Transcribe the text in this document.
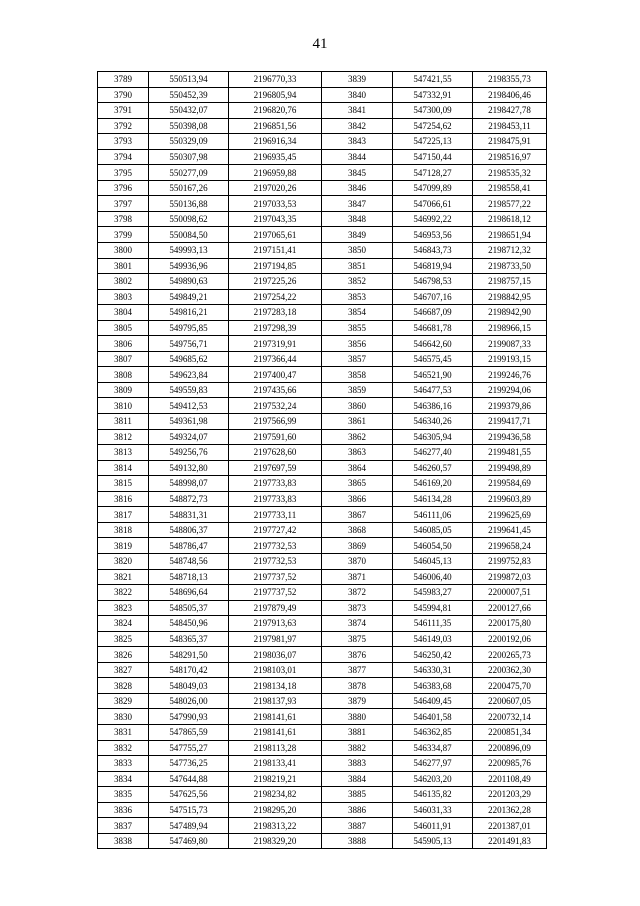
41
3789	550513,94	2196770,33	3839	547421,55	2198355,73
3790	550452,39	2196805,94	3840	547332,91	2198406,46
3791	550432,07	2196820,76	3841	547300,09	2198427,78
3792	550398,08	2196851,56	3842	547254,62	2198453,11
3793	550329,09	2196916,34	3843	547225,13	2198475,91
3794	550307,98	2196935,45	3844	547150,44	2198516,97
3795	550277,09	2196959,88	3845	547128,27	2198535,32
3796	550167,26	2197020,26	3846	547099,89	2198558,41
3797	550136,88	2197033,53	3847	547066,61	2198577,22
3798	550098,62	2197043,35	3848	546992,22	2198618,12
3799	550084,50	2197065,61	3849	546953,56	2198651,94
3800	549993,13	2197151,41	3850	546843,73	2198712,32
3801	549936,96	2197194,85	3851	546819,94	2198733,50
3802	549890,63	2197225,26	3852	546798,53	2198757,15
3803	549849,21	2197254,22	3853	546707,16	2198842,95
3804	549816,21	2197283,18	3854	546687,09	2198942,90
3805	549795,85	2197298,39	3855	546681,78	2198966,15
3806	549756,71	2197319,91	3856	546642,60	2199087,33
3807	549685,62	2197366,44	3857	546575,45	2199193,15
3808	549623,84	2197400,47	3858	546521,90	2199246,76
3809	549559,83	2197435,66	3859	546477,53	2199294,06
3810	549412,53	2197532,24	3860	546386,16	2199379,86
3811	549361,98	2197566,99	3861	546340,26	2199417,71
3812	549324,07	2197591,60	3862	546305,94	2199436,58
3813	549256,76	2197628,60	3863	546277,40	2199481,55
3814	549132,80	2197697,59	3864	546260,57	2199498,89
3815	548998,07	2197733,83	3865	546169,20	2199584,69
3816	548872,73	2197733,83	3866	546134,28	2199603,89
3817	548831,31	2197733,11	3867	546111,06	2199625,69
3818	548806,37	2197727,42	3868	546085,05	2199641,45
3819	548786,47	2197732,53	3869	546054,50	2199658,24
3820	548748,56	2197732,53	3870	546045,13	2199752,83
3821	548718,13	2197737,52	3871	546006,40	2199872,03
3822	548696,64	2197737,52	3872	545983,27	2200007,51
3823	548505,37	2197879,49	3873	545994,81	2200127,66
3824	548450,96	2197913,63	3874	546111,35	2200175,80
3825	548365,37	2197981,97	3875	546149,03	2200192,06
3826	548291,50	2198036,07	3876	546250,42	2200265,73
3827	548170,42	2198103,01	3877	546330,31	2200362,30
3828	548049,03	2198134,18	3878	546383,68	2200475,70
3829	548026,00	2198137,93	3879	546409,45	2200607,05
3830	547990,93	2198141,61	3880	546401,58	2200732,14
3831	547865,59	2198141,61	3881	546362,85	2200851,34
3832	547755,27	2198113,28	3882	546334,87	2200896,09
3833	547736,25	2198133,41	3883	546277,97	2200985,76
3834	547644,88	2198219,21	3884	546203,20	2201108,49
3835	547625,56	2198234,82	3885	546135,82	2201203,29
3836	547515,73	2198295,20	3886	546031,33	2201362,28
3837	547489,94	2198313,22	3887	546011,91	2201387,01
3838	547469,80	2198329,20	3888	545905,13	2201491,83
